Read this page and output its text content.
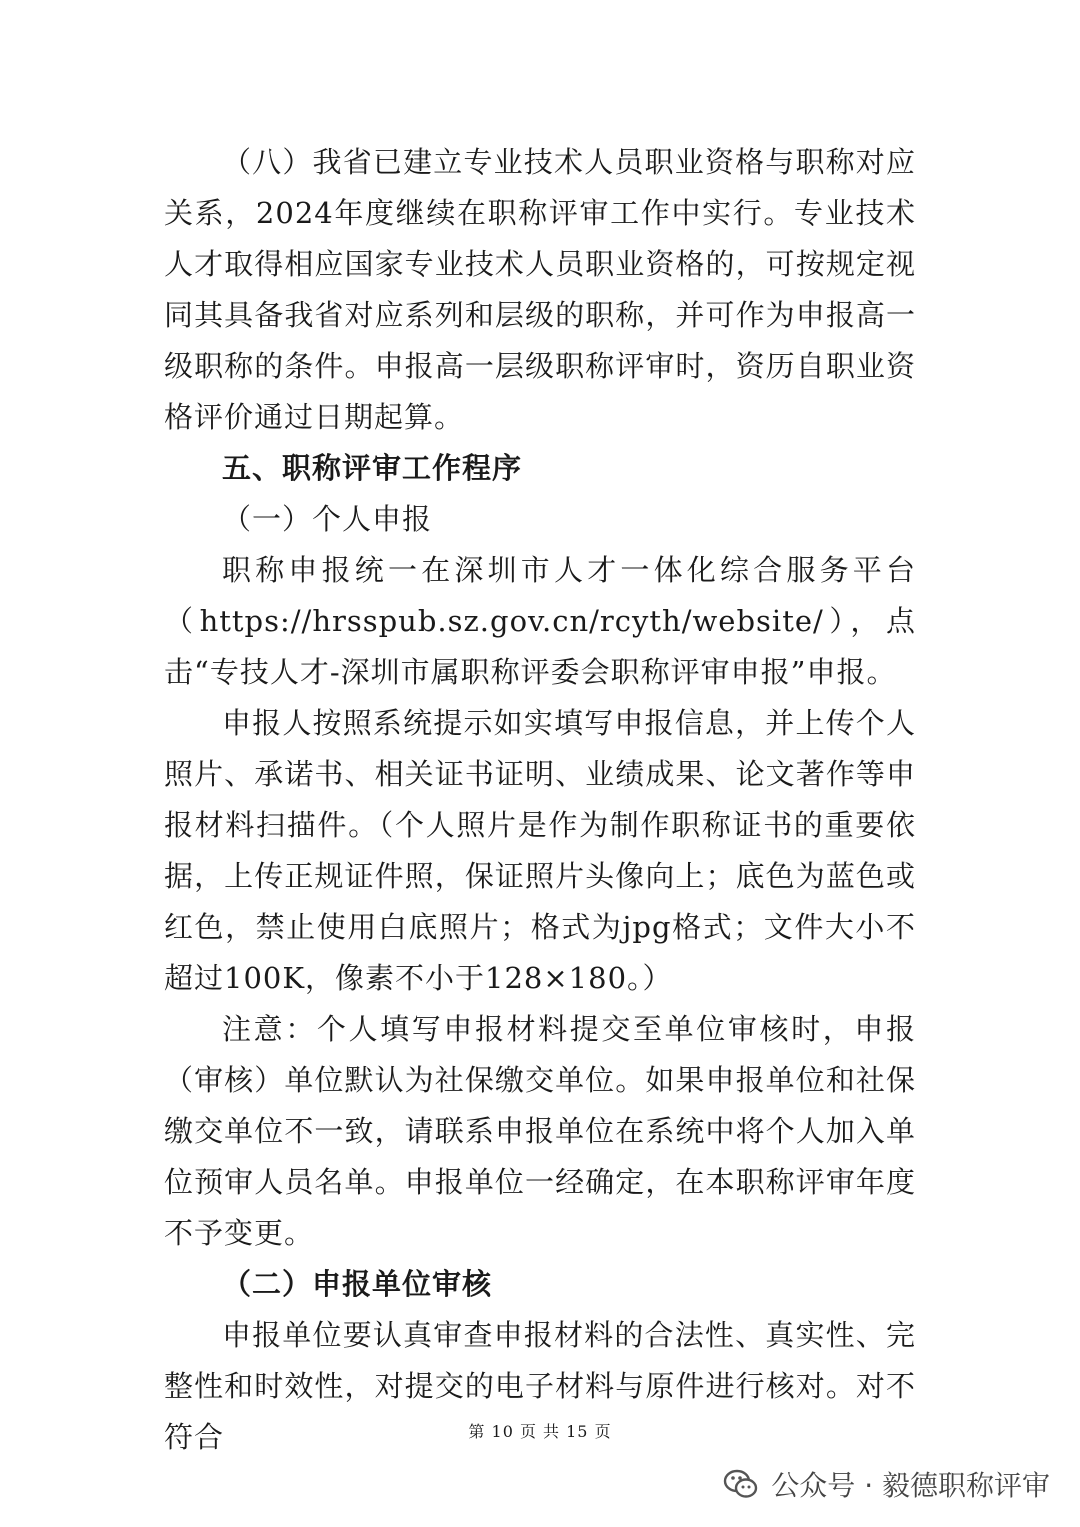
（八）我省已建立专业技术人员职业资格与职称对应关系，2024年度继续在职称评审工作中实行。专业技术人才取得相应国家专业技术人员职业资格的，可按规定视同其具备我省对应系列和层级的职称，并可作为申报高一级职称的条件。申报高一层级职称评审时，资历自职业资格评价通过日期起算。

五、职称评审工作程序

（一）个人申报

职称申报统一在深圳市人才一体化综合服务平台（https://hrsspub.sz.gov.cn/rcyth/website/），点击“专技人才-深圳市属职称评委会职称评审申报”申报。

申报人按照系统提示如实填写申报信息，并上传个人照片、承诺书、相关证书证明、业绩成果、论文著作等申报材料扫描件。（个人照片是作为制作职称证书的重要依据，上传正规证件照，保证照片头像向上；底色为蓝色或红色，禁止使用白底照片；格式为jpg格式；文件大小不超过100K，像素不小于128×180。）

注意：个人填写申报材料提交至单位审核时，申报（审核）单位默认为社保缴交单位。如果申报单位和社保缴交单位不一致，请联系申报单位在系统中将个人加入单位预审人员名单。申报单位一经确定，在本职称评审年度不予变更。

（二）申报单位审核

申报单位要认真审查申报材料的合法性、真实性、完整性和时效性，对提交的电子材料与原件进行核对。对不符合	第 10 页 共 15 页
公众号 · 毅德职称评审
